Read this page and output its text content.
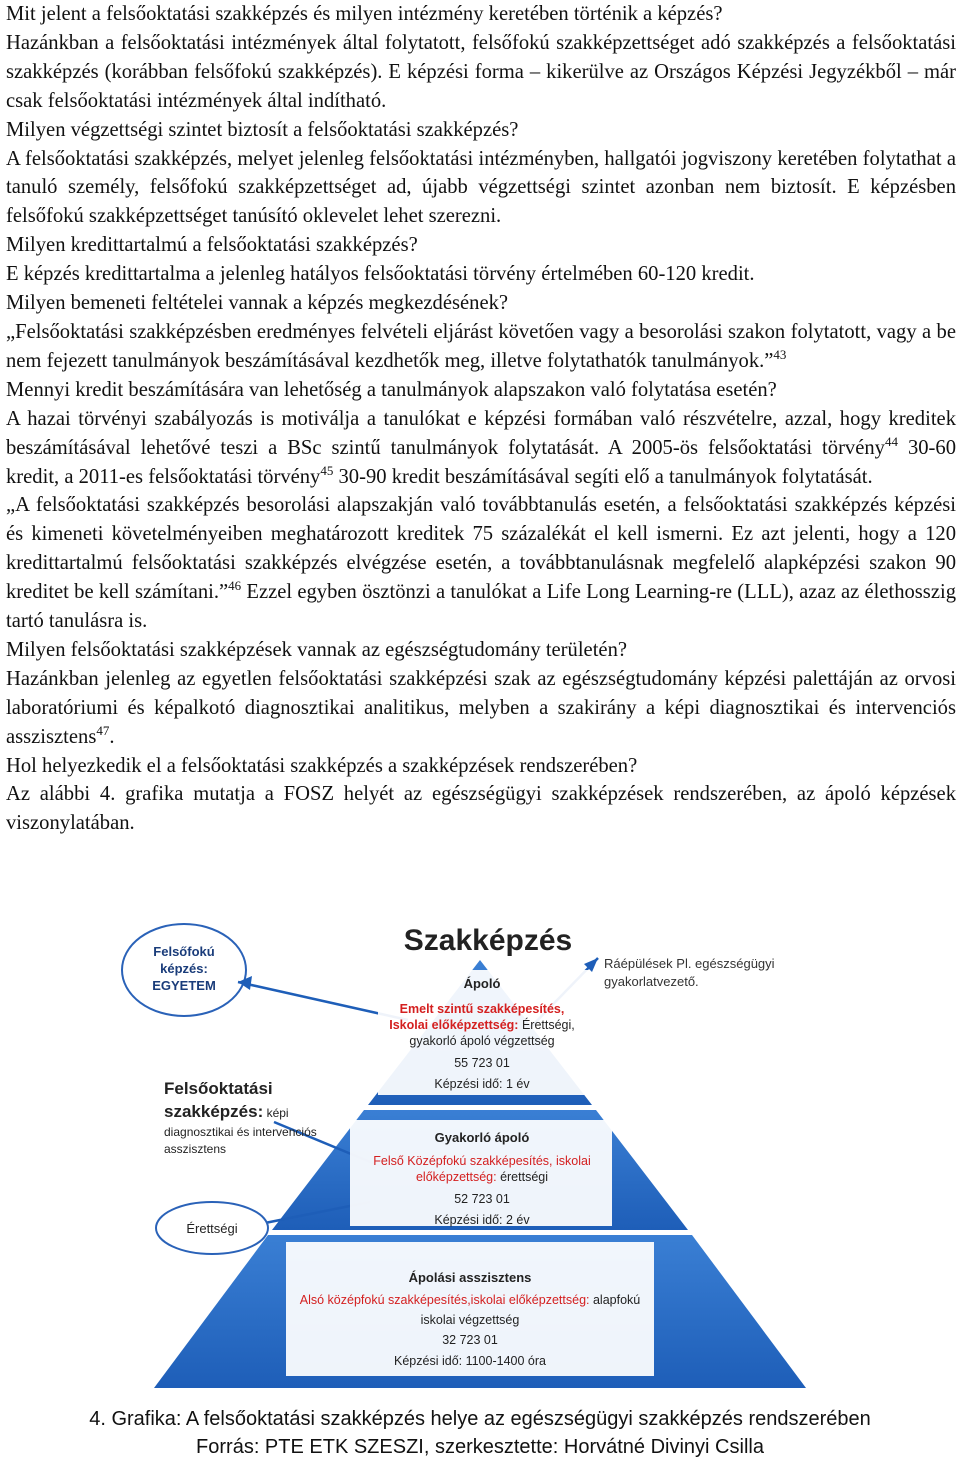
Mit jelent a felsőoktatási szakképzés és milyen intézmény keretében történik a képzés?

Hazánkban a felsőoktatási intézmények által folytatott, felsőfokú szakképzettséget adó szakképzés a felsőoktatási szakképzés (korábban felsőfokú szakképzés). E képzési forma – kikerülve az Országos Képzési Jegyzékből – már csak felsőoktatási intézmények által indítható.

Milyen végzettségi szintet biztosít a felsőoktatási szakképzés?

A felsőoktatási szakképzés, melyet jelenleg felsőoktatási intézményben, hallgatói jogviszony keretében folytathat a tanuló személy, felsőfokú szakképzettséget ad, újabb végzettségi szintet azonban nem biztosít. E képzésben felsőfokú szakképzettséget tanúsító oklevelet lehet szerezni.

Milyen kredittartalmú a felsőoktatási szakképzés?

E képzés kredittartalma a jelenleg hatályos felsőoktatási törvény értelmében 60-120 kredit.

Milyen bemeneti feltételei vannak a képzés megkezdésének?

„Felsőoktatási szakképzésben eredményes felvételi eljárást követően vagy a besorolási szakon folytatott, vagy a be nem fejezett tanulmányok beszámításával kezdhetők meg, illetve folytathatók tanulmányok.”$^{43}$

Mennyi kredit beszámítására van lehetőség a tanulmányok alapszakon való folytatása esetén?

A hazai törvényi szabályozás is motiválja a tanulókat e képzési formában való részvételre, azzal, hogy kreditek beszámításával lehetővé teszi a BSc szintű tanulmányok folytatását. A 2005-ös felsőoktatási törvény$^{44}$ 30-60 kredit, a 2011-es felsőoktatási törvény$^{45}$ 30-90 kredit beszámításával segíti elő a tanulmányok folytatását.

„A felsőoktatási szakképzés besorolási alapszakján való továbbtanulás esetén, a felsőoktatási szakképzés képzési és kimeneti követelményeiben meghatározott kreditek 75 százalékát el kell ismerni. Ez azt jelenti, hogy a 120 kredittartalmú felsőoktatási szakképzés elvégzése esetén, a továbbtanulásnak megfelelő alapképzési szakon 90 kreditet be kell számítani.”$^{46}$ Ezzel egyben ösztönzi a tanulókat a Life Long Learning-re (LLL), azaz az élethosszig tartó tanulásra is.

Milyen felsőoktatási szakképzések vannak az egészségtudomány területén?

Hazánkban jelenleg az egyetlen felsőoktatási szakképzési szak az egészségtudomány képzési palettáján az orvosi laboratóriumi és képalkotó diagnosztikai analitikus, melyben a szakirány a képi diagnosztikai és intervenciós asszisztens$^{47}$.

Hol helyezkedik el a felsőoktatási szakképzés a szakképzések rendszerében?

Az alábbi 4. grafika mutatja a FOSZ helyét az egészségügyi szakképzések rendszerében, az ápoló képzések viszonylatában.

Szakképzés
Felsőfokú
képzés:
EGYETEM
Ráépülések Pl. egészségügyi
gyakorlatvezető.
Felsőoktatási
szakképzés: képi
diagnosztikai és intervenciós
asszisztens
Érettségi
Ápoló
Emelt szintű szakképesítés,
Iskolai előképzettség: Érettségi,
gyakorló ápoló végzettség
55 723 01
Képzési idő: 1 év
Gyakorló ápoló
Felső Középfokú szakképesítés, iskolai
előképzettség: érettségi
52 723 01
Képzési idő: 2 év
Ápolási asszisztens
Alsó középfokú szakképesítés,iskolai előképzettség: alapfokú
iskolai végzettség
32 723 01
Képzési idő: 1100-1400 óra
4. Grafika: A felsőoktatási szakképzés helye az egészségügyi szakképzés rendszerében
Forrás: PTE ETK SZESZI, szerkesztette: Horvátné Divinyi Csilla
